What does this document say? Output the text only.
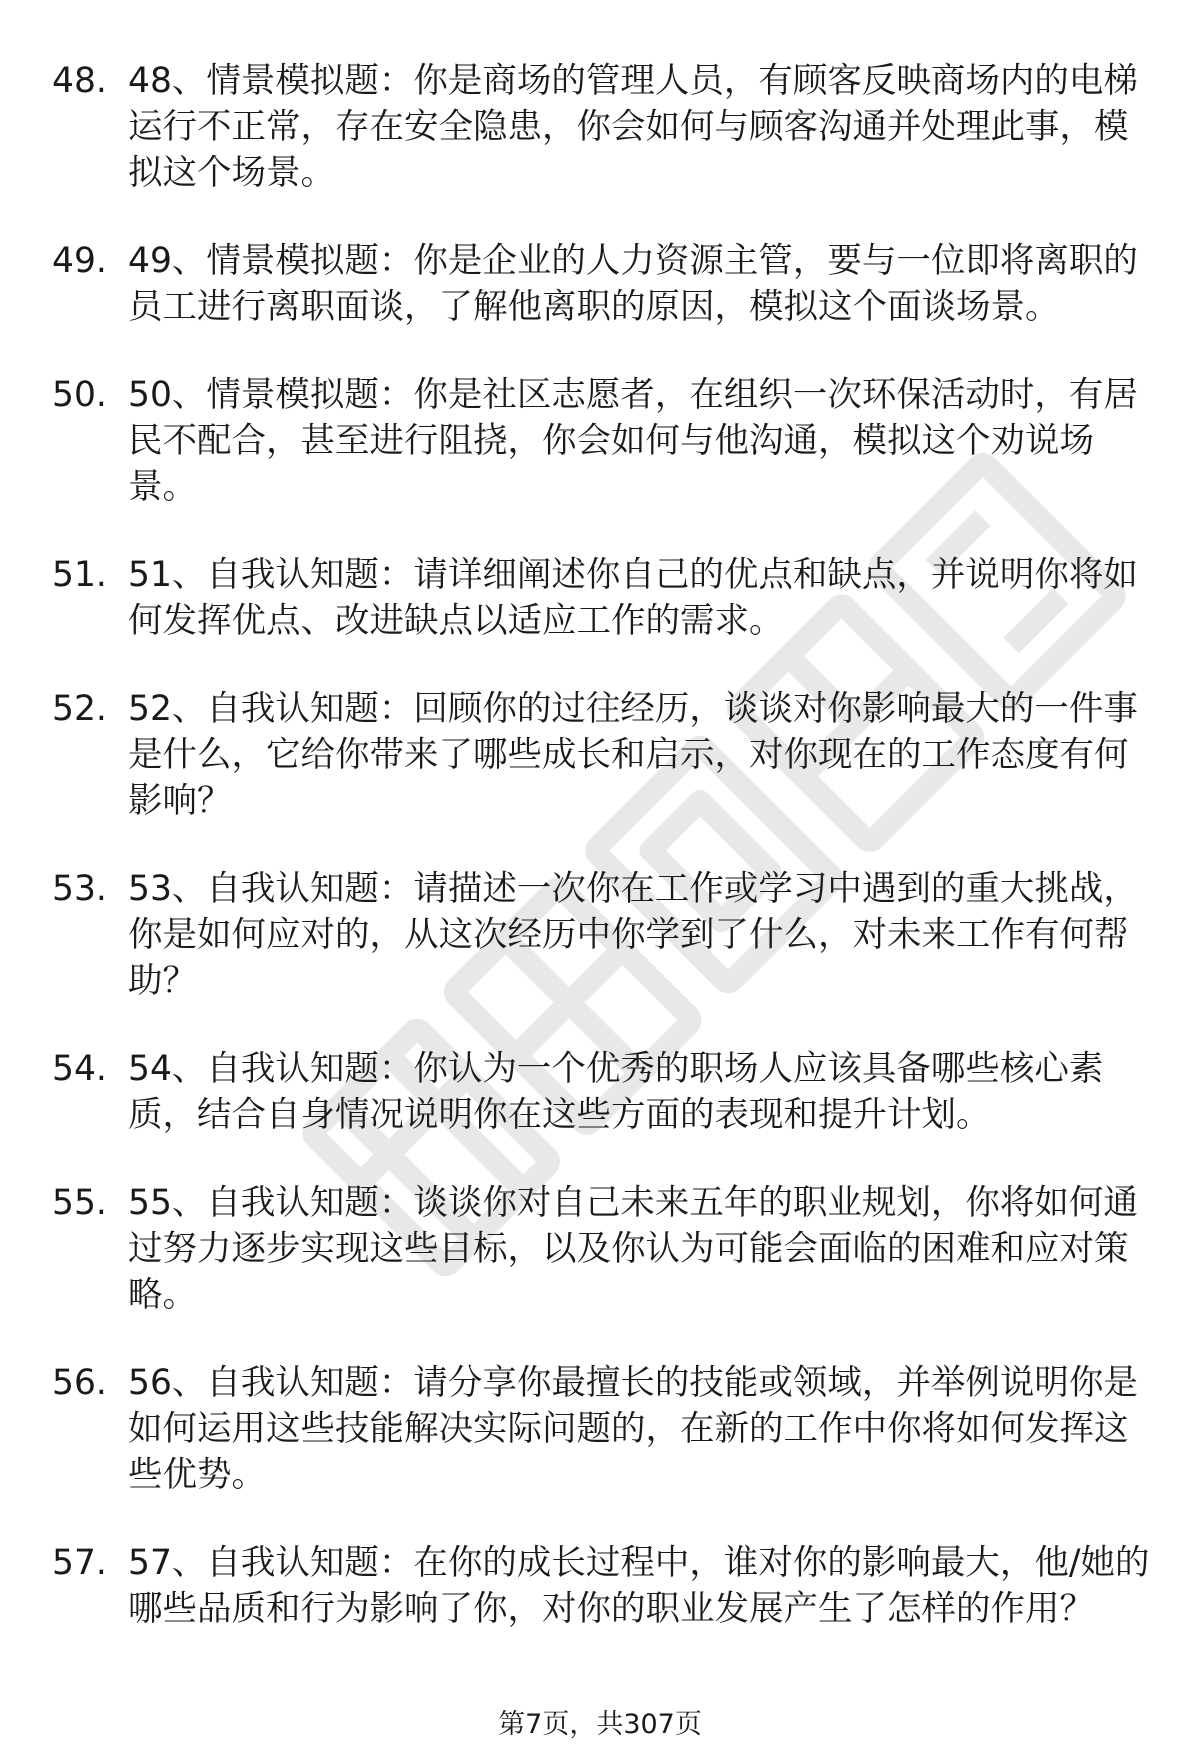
48. 48、情景模拟题：你是商场的管理人员，有顾客反映商场内的电梯运行不正常，存在安全隐患，你会如何与顾客沟通并处理此事，模拟这个场景。
49. 49、情景模拟题：你是企业的人力资源主管，要与一位即将离职的员工进行离职面谈，了解他离职的原因，模拟这个面谈场景。
50. 50、情景模拟题：你是社区志愿者，在组织一次环保活动时，有居民不配合，甚至进行阻挠，你会如何与他沟通，模拟这个劝说场景。
51. 51、自我认知题：请详细阐述你自己的优点和缺点，并说明你将如何发挥优点、改进缺点以适应工作的需求。
52. 52、自我认知题：回顾你的过往经历，谈谈对你影响最大的一件事是什么，它给你带来了哪些成长和启示，对你现在的工作态度有何影响？
53. 53、自我认知题：请描述一次你在工作或学习中遇到的重大挑战，你是如何应对的，从这次经历中你学到了什么，对未来工作有何帮助？
54. 54、自我认知题：你认为一个优秀的职场人应该具备哪些核心素质，结合自身情况说明你在这些方面的表现和提升计划。
55. 55、自我认知题：谈谈你对自己未来五年的职业规划，你将如何通过努力逐步实现这些目标，以及你认为可能会面临的困难和应对策略。
56. 56、自我认知题：请分享你最擅长的技能或领域，并举例说明你是如何运用这些技能解决实际问题的，在新的工作中你将如何发挥这些优势。
57. 57、自我认知题：在你的成长过程中，谁对你的影响最大，他/她的哪些品质和行为影响了你，对你的职业发展产生了怎样的作用？
第7页，共307页
